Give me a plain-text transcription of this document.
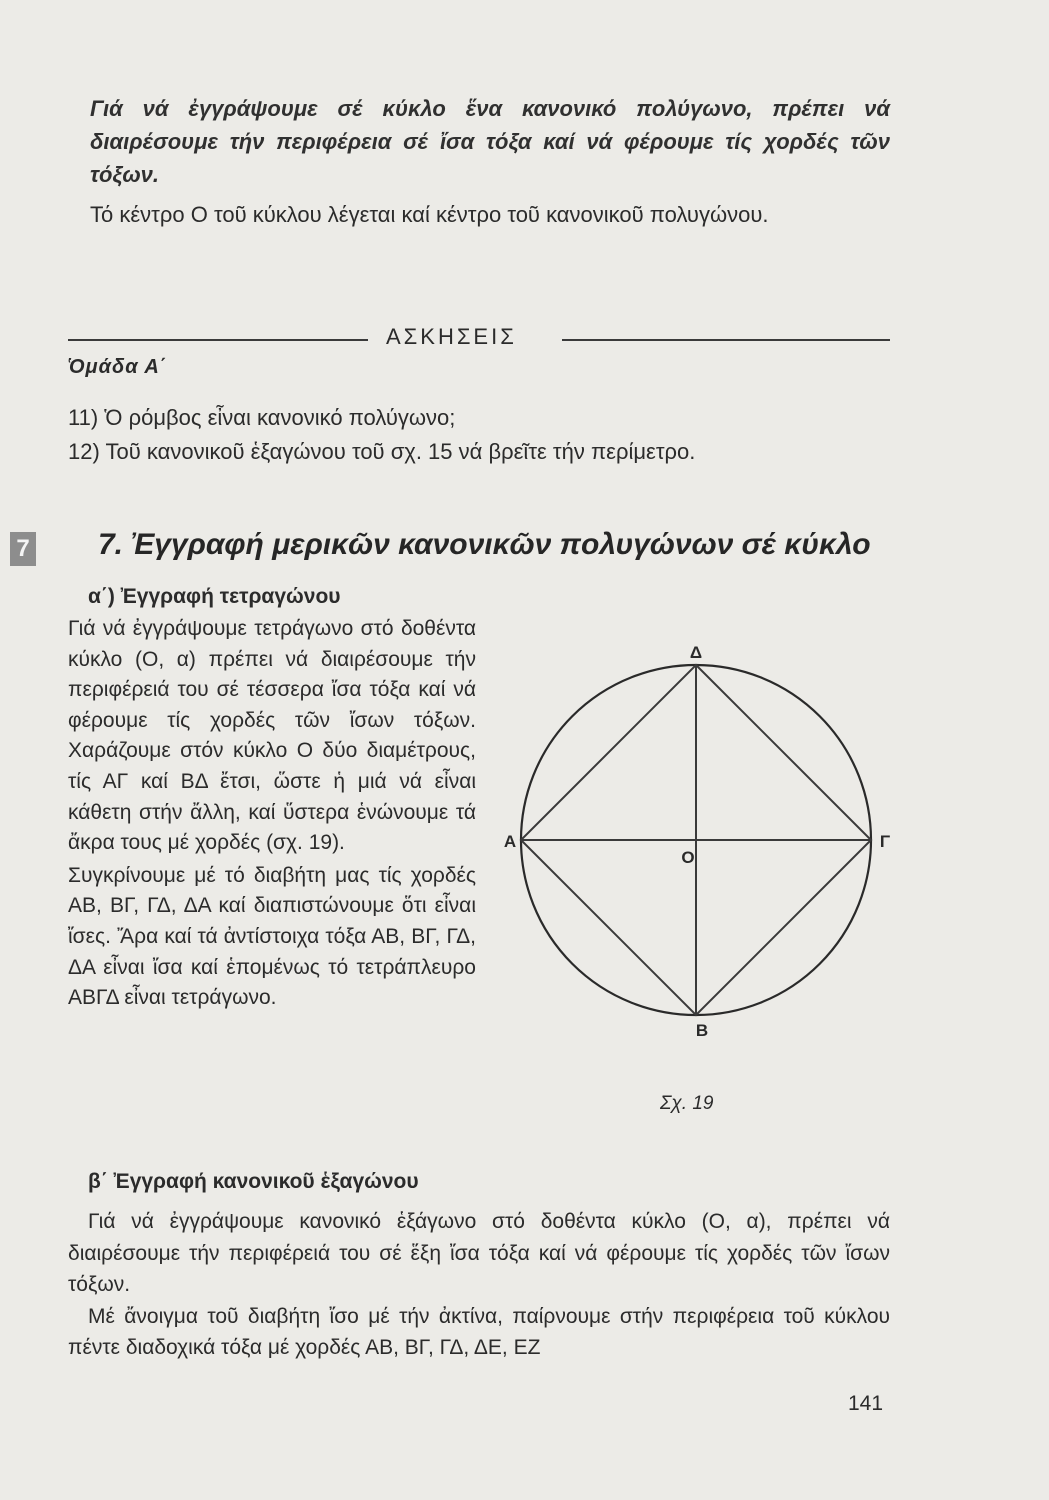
Γιά νά ἐγγράψουμε σέ κύκλο ἕνα κανονικό πολύγωνο, πρέπει νά διαιρέσουμε τήν περιφέρεια σέ ἴσα τόξα καί νά φέρουμε τίς χορδές τῶν τόξων.
Τό κέντρο Ο τοῦ κύκλου λέγεται καί κέντρο τοῦ κανονικοῦ πολυγώνου.
ΑΣΚΗΣΕΙΣ
Ὁμάδα Α΄
11) Ὁ ρόμβος εἶναι κανονικό πολύγωνο;
12) Τοῦ κανονικοῦ ἑξαγώνου τοῦ σχ. 15 νά βρεῖτε τήν περίμετρο.
7 7. Ἐγγραφή μερικῶν κανονικῶν πολυγώνων σέ κύκλο
α΄) Ἐγγραφή τετραγώνου

Γιά νά ἐγγράψουμε τετράγωνο στό δοθέντα κύκλο (Ο, α) πρέπει νά διαιρέσουμε τήν περιφέρειά του σέ τέσσερα ἴσα τόξα καί νά φέρουμε τίς χορδές τῶν ἴσων τόξων. Χαράζουμε στόν κύκλο Ο δύο διαμέτρους, τίς ΑΓ καί ΒΔ ἔτσι, ὥστε ἡ μιά νά εἶναι κάθετη στήν ἄλλη, καί ὕστερα ἑνώνουμε τά ἄκρα τους μέ χορδές (σχ. 19).

Συγκρίνουμε μέ τό διαβήτη μας τίς χορδές ΑΒ, ΒΓ, ΓΔ, ΔΑ καί διαπιστώνουμε ὅτι εἶναι ἴσες. Ἄρα καί τά ἀντίστοιχα τόξα ΑΒ, ΒΓ, ΓΔ, ΔΑ εἶναι ἴσα καί ἑπομένως τό τετράπλευρο ΑΒΓΔ εἶναι τετράγωνο.

Δ
Α	Γ
Β
Ο
Σχ. 19
β΄ Ἐγγραφή κανονικοῦ ἑξαγώνου

Γιά νά ἐγγράψουμε κανονικό ἑξάγωνο στό δοθέντα κύκλο (Ο, α), πρέπει νά διαιρέσουμε τήν περιφέρειά του σέ ἕξη ἴσα τόξα καί νά φέρουμε τίς χορδές τῶν ἴσων τόξων.

Μέ ἄνοιγμα τοῦ διαβήτη ἴσο μέ τήν ἀκτίνα, παίρνουμε στήν περιφέρεια τοῦ κύκλου πέντε διαδοχικά τόξα μέ χορδές ΑΒ, ΒΓ, ΓΔ, ΔΕ, ΕΖ

141
